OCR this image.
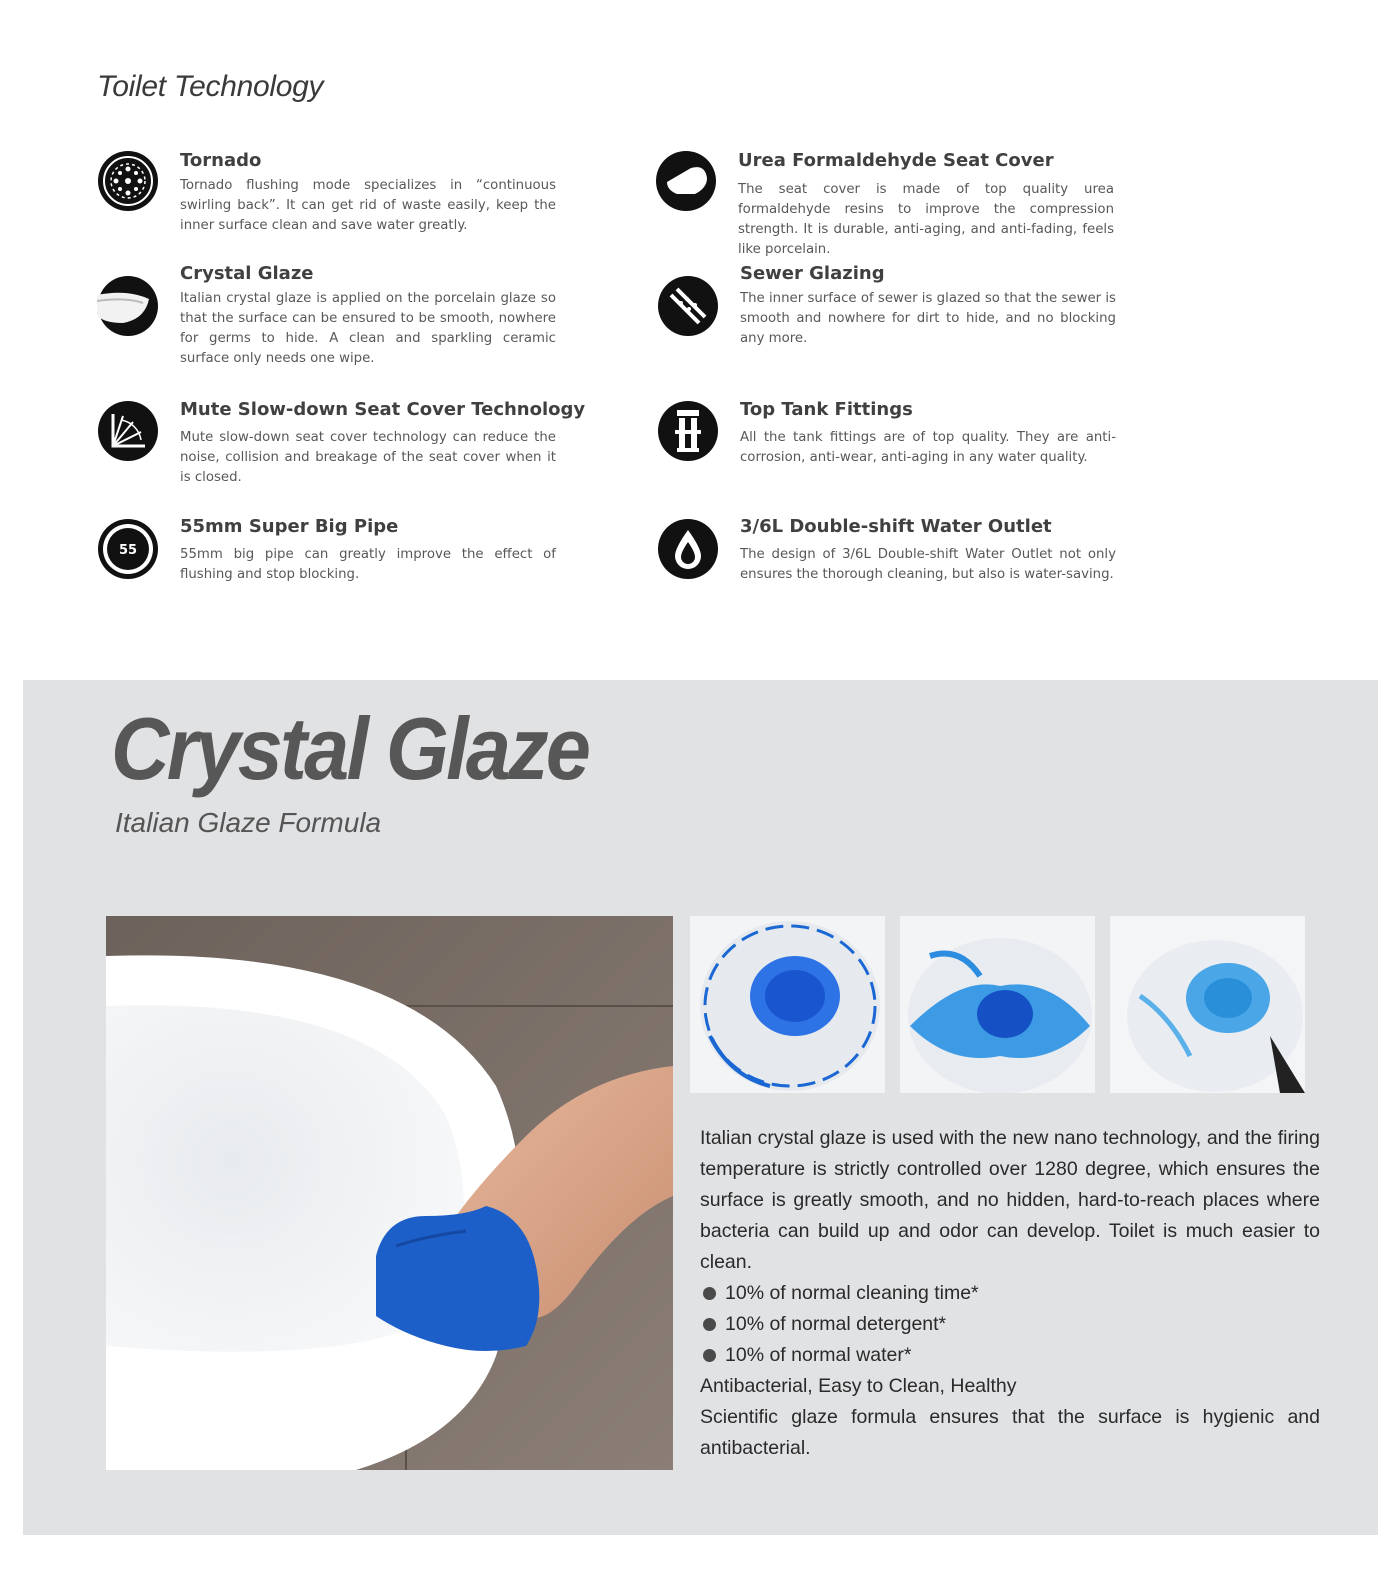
Toilet Technology
Tornado

Tornado flushing mode specializes in “continuous swirling back”. It can get rid of waste easily, keep the inner surface clean and save water greatly.

Urea Formaldehyde Seat Cover

The seat cover is made of top quality urea formaldehyde resins to improve the compression strength. It is durable, anti-aging, and anti-fading, feels like porcelain.

Crystal Glaze

Italian crystal glaze is applied on the porcelain glaze so that the surface can be ensured to be smooth, nowhere for germs to hide. A clean and sparkling ceramic surface only needs one wipe.

Sewer Glazing

The inner surface of sewer is glazed so that the sewer is smooth and nowhere for dirt to hide, and no blocking any more.

Mute Slow-down Seat Cover Technology

Mute slow-down seat cover technology can reduce the noise, collision and breakage of the seat cover when it is closed.

Top Tank Fittings

All the tank fittings are of top quality. They are anti-corrosion, anti-wear, anti-aging in any water quality.

55
55mm Super Big Pipe

55mm big pipe can greatly improve the effect of flushing and stop blocking.

3/6L Double-shift Water Outlet

The design of 3/6L Double-shift Water Outlet not only ensures the thorough cleaning, but also is water-saving.

Crystal Glaze
Italian Glaze Formula

Italian crystal glaze is used with the new nano technology, and the firing temperature is strictly controlled over 1280 degree, which ensures the surface is greatly smooth, and no hidden, hard-to-reach places where bacteria can build up and odor can develop. Toilet is much easier to clean.

10% of normal cleaning time*
10% of normal detergent*
10% of normal water*

Antibacterial, Easy to Clean, Healthy

Scientific glaze formula ensures that the surface is hygienic and antibacterial.
